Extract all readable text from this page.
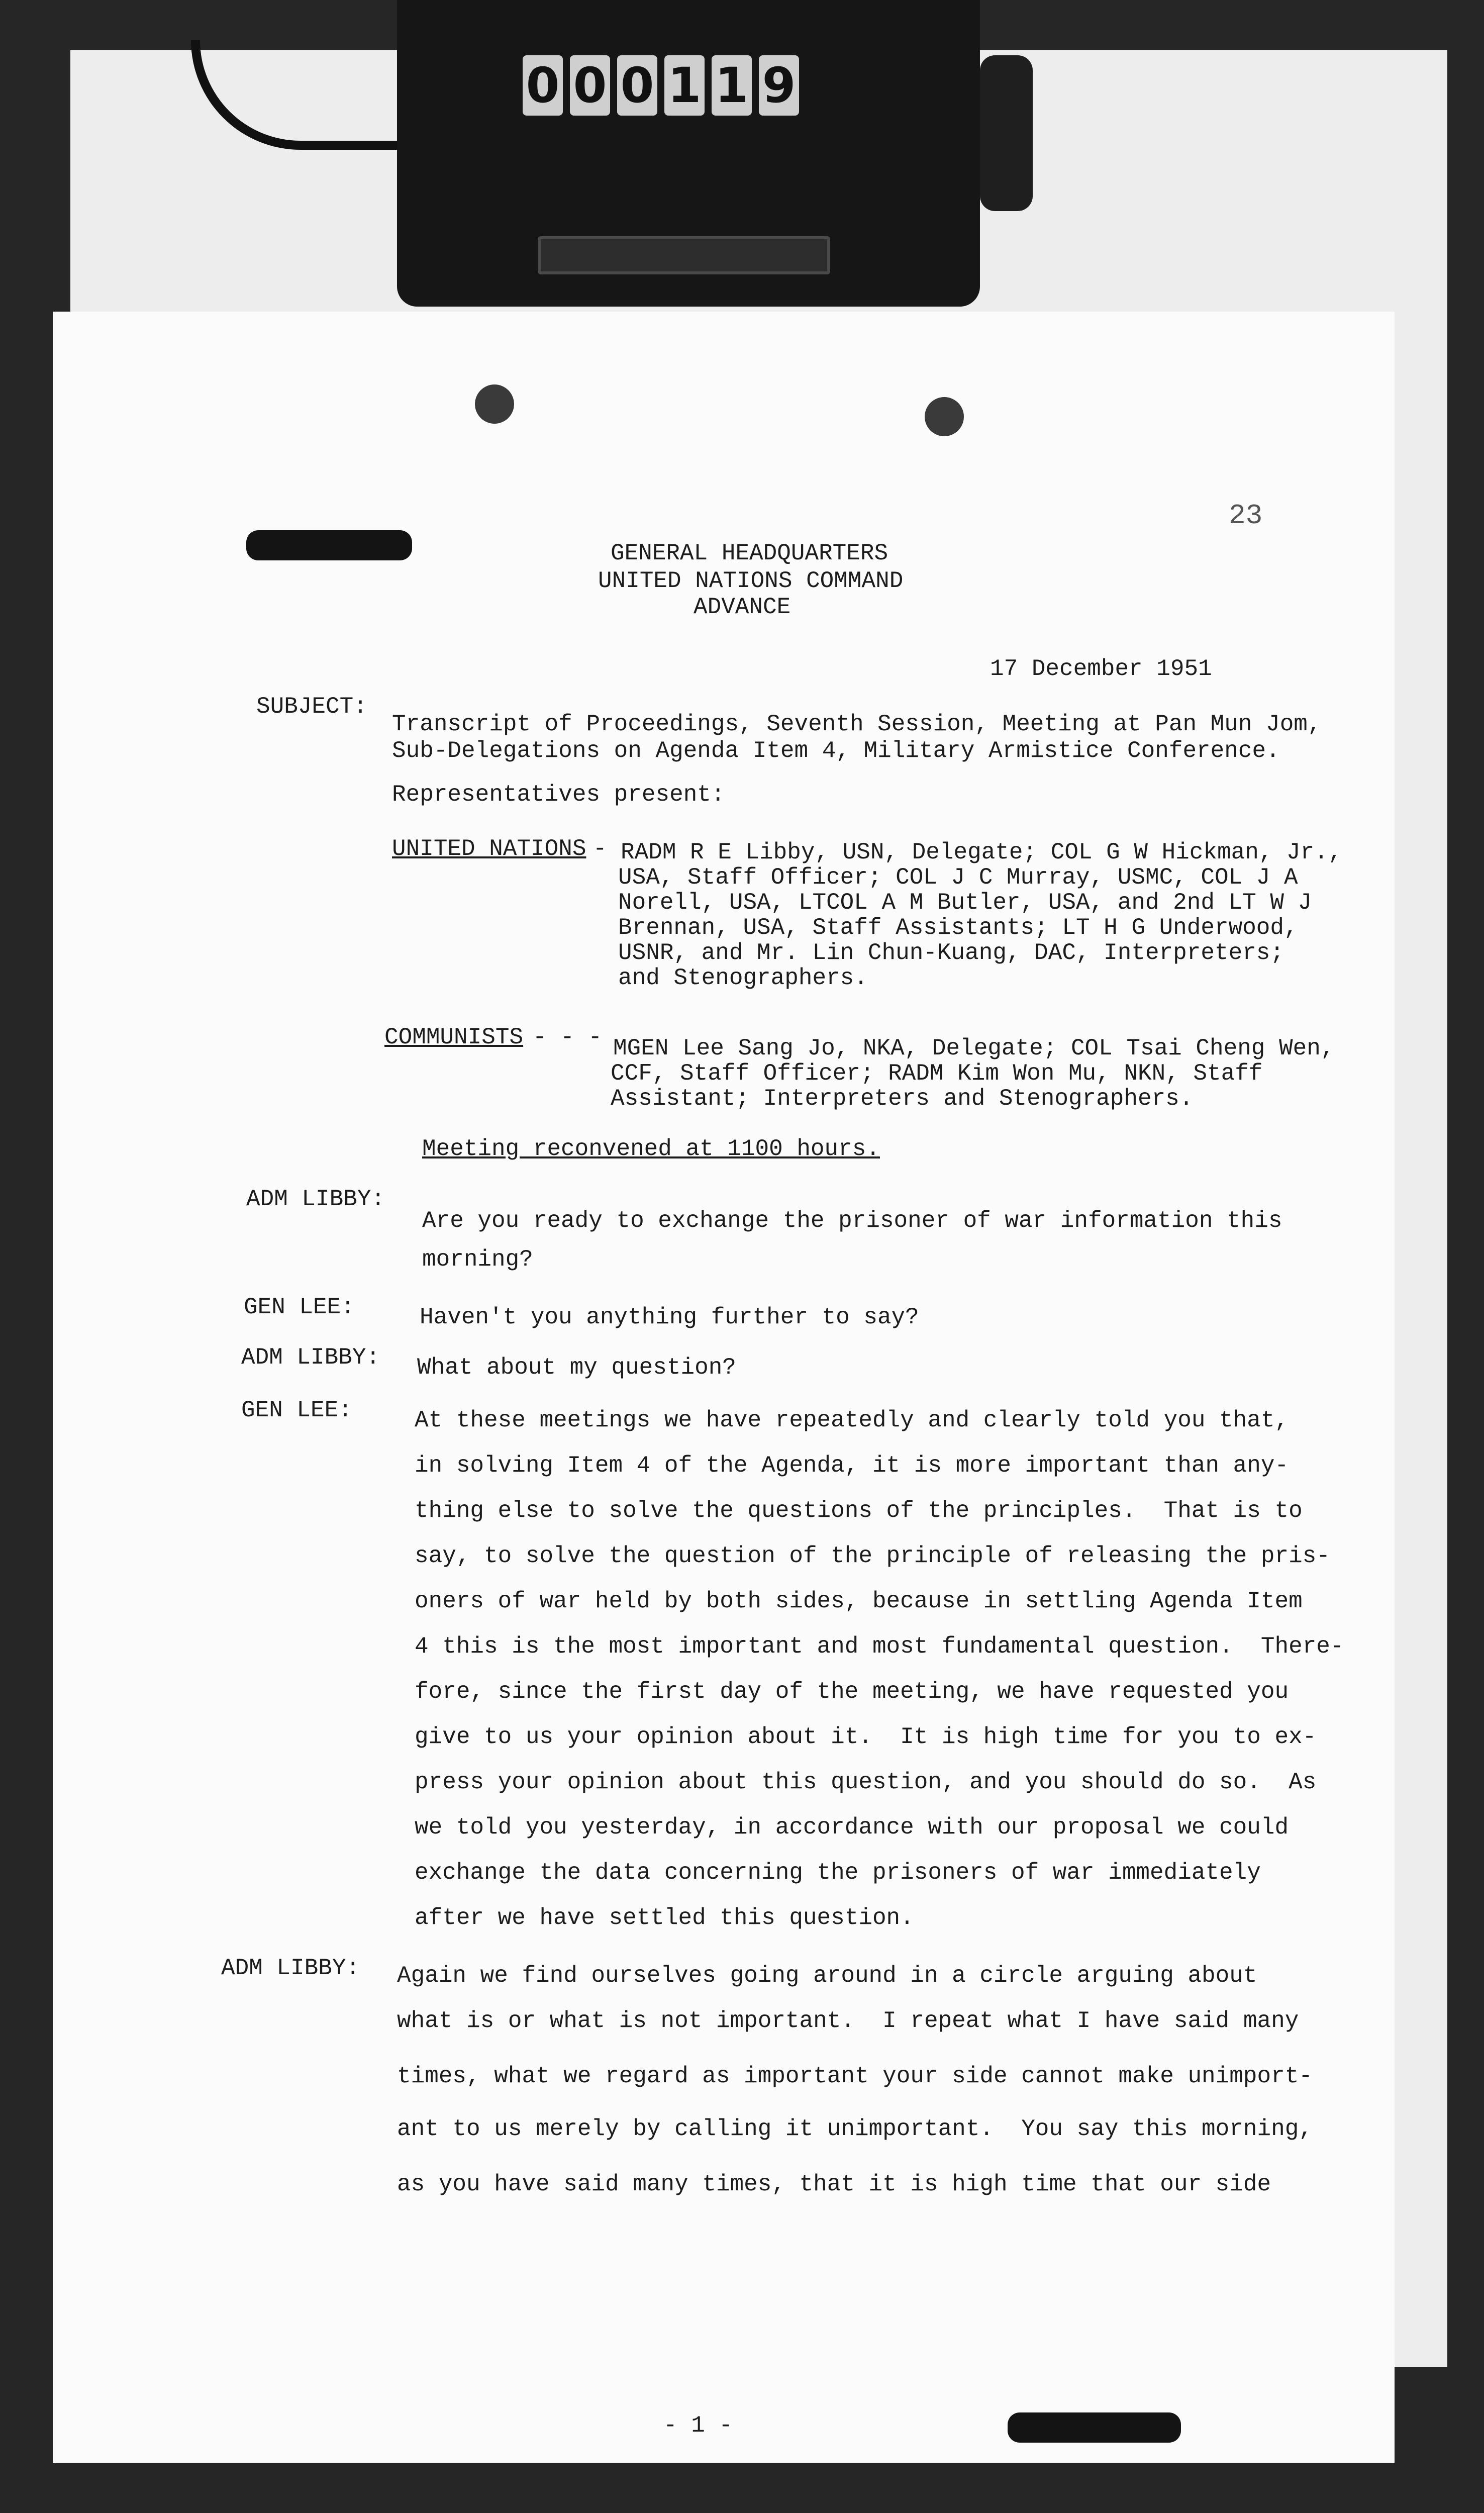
0 0 0 1 1 9

23

GENERAL HEADQUARTERS

UNITED NATIONS COMMAND

ADVANCE

17 December 1951

SUBJECT:

Transcript of Proceedings, Seventh Session, Meeting at Pan Mun Jom,

Sub-Delegations on Agenda Item 4, Military Armistice Conference.

Representatives present:

UNITED NATIONS - RADM R E Libby, USN, Delegate; COL G W Hickman, Jr.,

USA, Staff Officer; COL J C Murray, USMC, COL J A

Norell, USA, LTCOL A M Butler, USA, and 2nd LT W J

Brennan, USA, Staff Assistants; LT H G Underwood,

USNR, and Mr. Lin Chun-Kuang, DAC, Interpreters;

and Stenographers.

COMMUNISTS - - - MGEN Lee Sang Jo, NKA, Delegate; COL Tsai Cheng Wen,

CCF, Staff Officer; RADM Kim Won Mu, NKN, Staff

Assistant; Interpreters and Stenographers.

Meeting reconvened at 1100 hours.

ADM LIBBY:

Are you ready to exchange the prisoner of war information this

morning?

GEN LEE:	Haven't you anything further to say?

ADM LIBBY: What about my question?

GEN LEE:	At these meetings we have repeatedly and clearly told you that,

in solving Item 4 of the Agenda, it is more important than any-

thing else to solve the questions of the principles.  That is to

say, to solve the question of the principle of releasing the pris-

oners of war held by both sides, because in settling Agenda Item

4 this is the most important and most fundamental question.  There-

fore, since the first day of the meeting, we have requested you

give to us your opinion about it.  It is high time for you to ex-

press your opinion about this question, and you should do so.  As

we told you yesterday, in accordance with our proposal we could

exchange the data concerning the prisoners of war immediately

after we have settled this question.

ADM LIBBY: Again we find ourselves going around in a circle arguing about

what is or what is not important.  I repeat what I have said many

times, what we regard as important your side cannot make unimport-

ant to us merely by calling it unimportant.  You say this morning,

as you have said many times, that it is high time that our side

- 1 -
